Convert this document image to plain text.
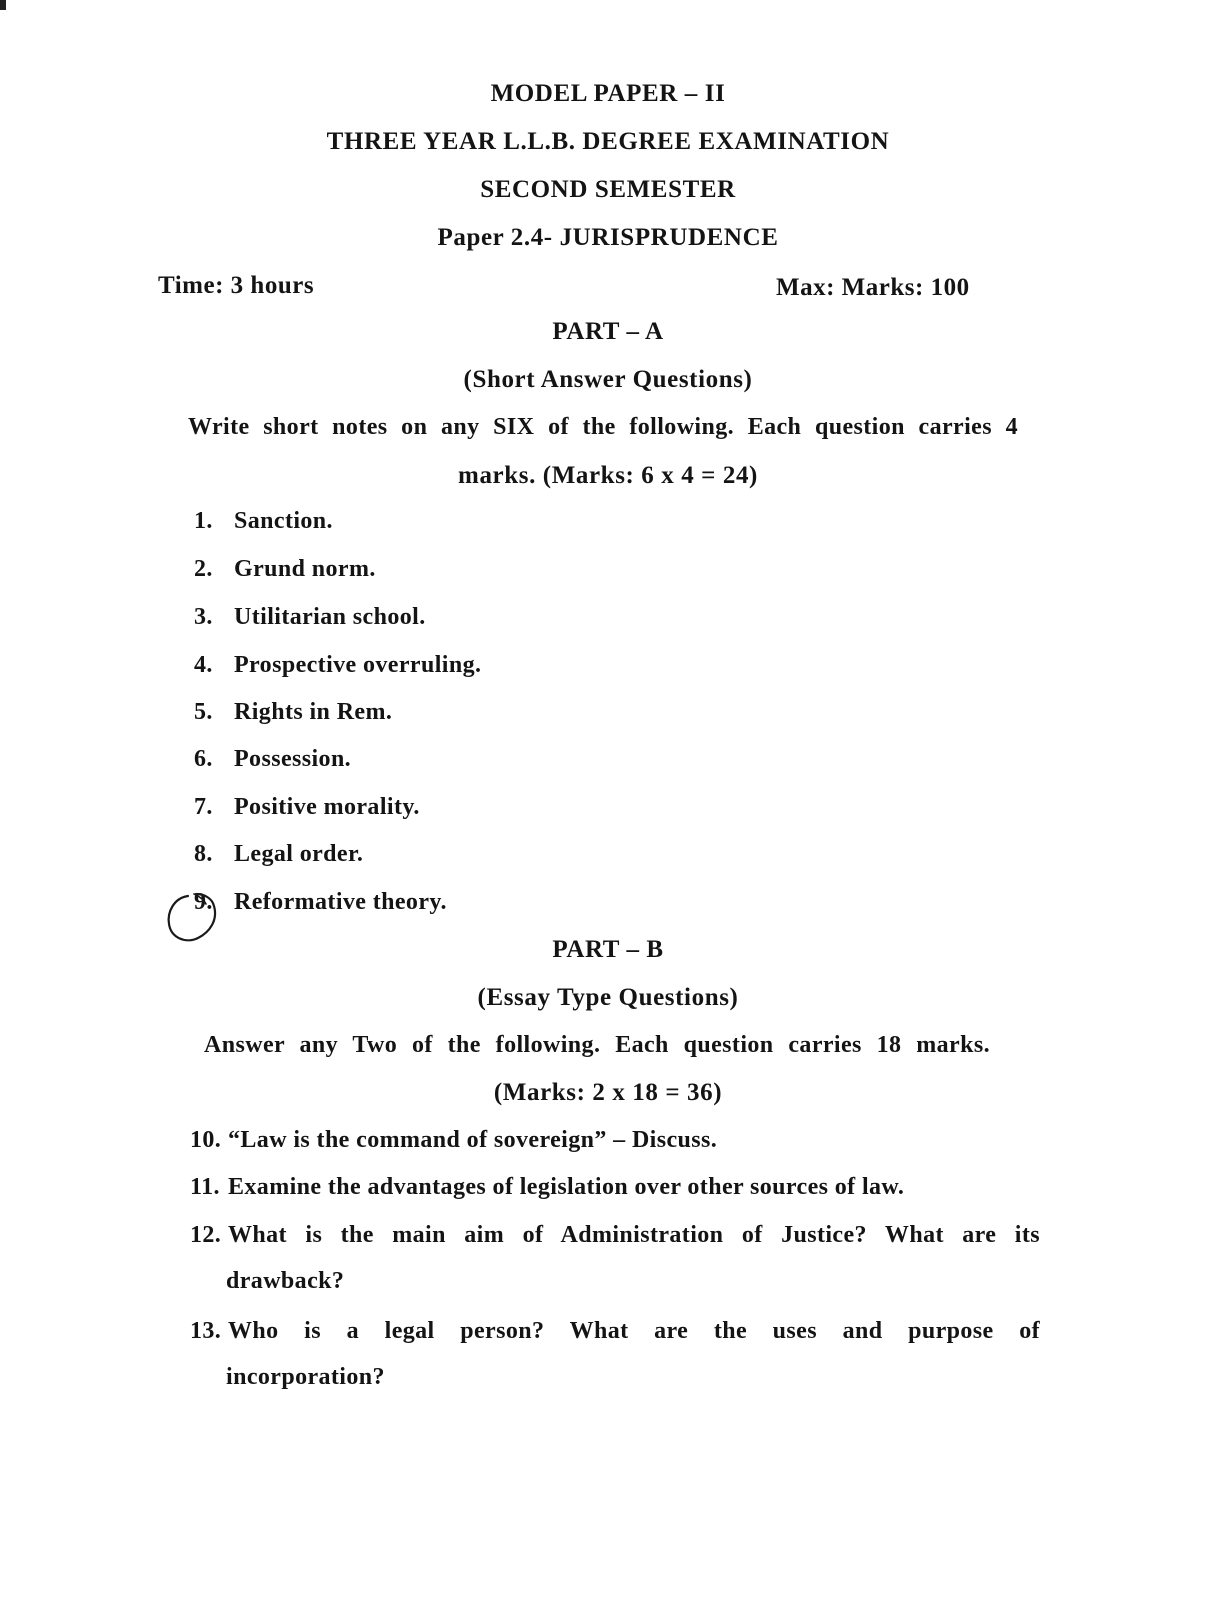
MODEL PAPER – II
THREE YEAR L.L.B. DEGREE EXAMINATION
SECOND SEMESTER
Paper 2.4- JURISPRUDENCE
Time: 3 hours	Max: Marks: 100
PART – A
(Short Answer Questions)
Write short notes on any SIX of the following. Each question carries 4
marks. (Marks: 6 x 4 = 24)
1. Sanction.
2. Grund norm.
3. Utilitarian school.
4. Prospective overruling.
5. Rights in Rem.
6. Possession.
7. Positive morality.
8. Legal order.
9. Reformative theory.
PART – B
(Essay Type Questions)
Answer any Two of the following. Each question carries 18 marks.
(Marks: 2 x 18 = 36)
10. “Law is the command of sovereign” – Discuss.
11. Examine the advantages of legislation over other sources of law.
12. What is the main aim of Administration of Justice? What are its
drawback?
13. Who is a legal person? What are the uses and purpose of
incorporation?
